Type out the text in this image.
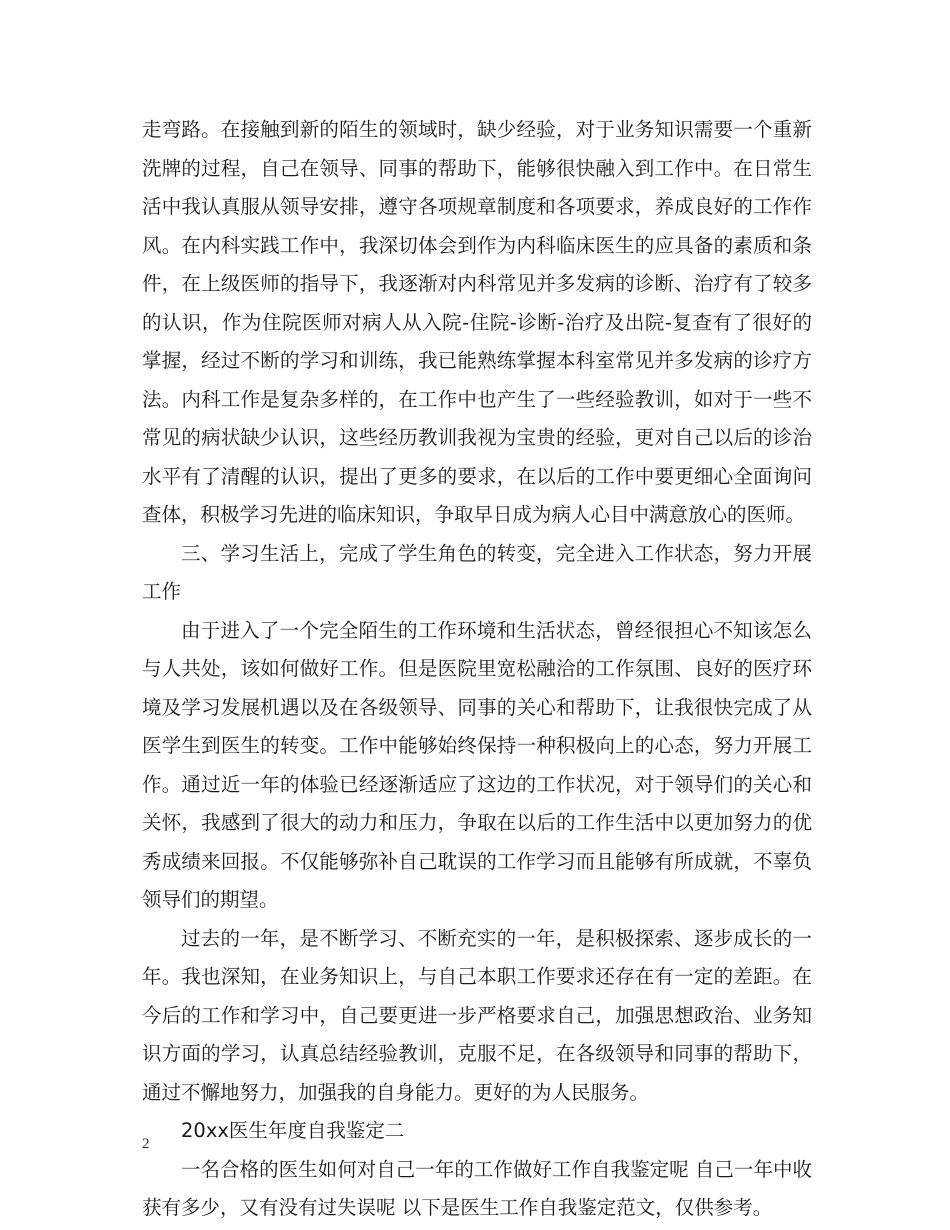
走弯路。在接触到新的陌生的领域时，缺少经验，对于业务知识需要一个重新洗牌的过程，自己在领导、同事的帮助下，能够很快融入到工作中。在日常生活中我认真服从领导安排，遵守各项规章制度和各项要求，养成良好的工作作风。在内科实践工作中，我深切体会到作为内科临床医生的应具备的素质和条件，在上级医师的指导下，我逐渐对内科常见并多发病的诊断、治疗有了较多的认识，作为住院医师对病人从入院-住院-诊断-治疗及出院-复查有了很好的掌握，经过不断的学习和训练，我已能熟练掌握本科室常见并多发病的诊疗方法。内科工作是复杂多样的，在工作中也产生了一些经验教训，如对于一些不常见的病状缺少认识，这些经历教训我视为宝贵的经验，更对自己以后的诊治水平有了清醒的认识，提出了更多的要求，在以后的工作中要更细心全面询问查体，积极学习先进的临床知识，争取早日成为病人心目中满意放心的医师。

三、学习生活上，完成了学生角色的转变，完全进入工作状态，努力开展工作

由于进入了一个完全陌生的工作环境和生活状态，曾经很担心不知该怎么与人共处，该如何做好工作。但是医院里宽松融洽的工作氛围、良好的医疗环境及学习发展机遇以及在各级领导、同事的关心和帮助下，让我很快完成了从医学生到医生的转变。工作中能够始终保持一种积极向上的心态，努力开展工作。通过近一年的体验已经逐渐适应了这边的工作状况，对于领导们的关心和关怀，我感到了很大的动力和压力，争取在以后的工作生活中以更加努力的优秀成绩来回报。不仅能够弥补自己耽误的工作学习而且能够有所成就，不辜负领导们的期望。

过去的一年，是不断学习、不断充实的一年，是积极探索、逐步成长的一年。我也深知，在业务知识上，与自己本职工作要求还存在有一定的差距。在今后的工作和学习中，自己要更进一步严格要求自己，加强思想政治、业务知识方面的学习，认真总结经验教训，克服不足，在各级领导和同事的帮助下，通过不懈地努力，加强我的自身能力。更好的为人民服务。

20xx医生年度自我鉴定二

一名合格的医生如何对自己一年的工作做好工作自我鉴定呢 自己一年中收获有多少，又有没有过失误呢 以下是医生工作自我鉴定范文，仅供参考。

2
